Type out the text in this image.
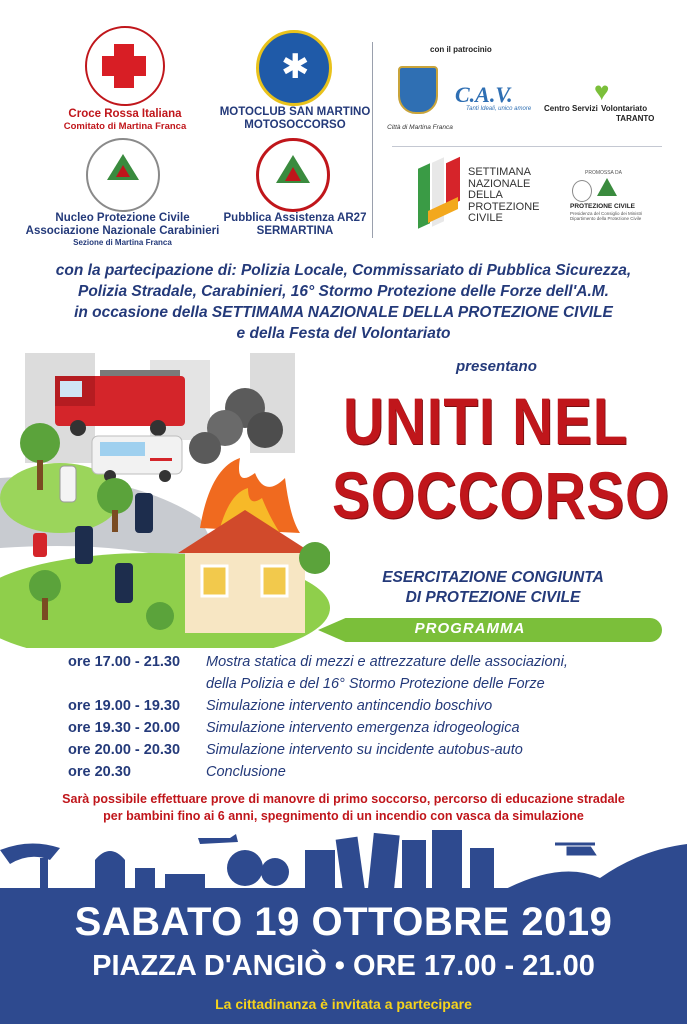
Croce Rossa Italiana
Comitato di Martina Franca
✱
MOTOCLUB SAN MARTINO
MOTOSOCCORSO
Nucleo Protezione Civile
Associazione Nazionale Carabinieri
Sezione di Martina Franca
Pubblica Assistenza AR27
SERMARTINA
con il patrocinio
Città di Martina Franca
C.A.V.
Tanti Ideali, unico amore
♥
Centro Servizi Volontariato
TARANTO
SETTIMANA
NAZIONALE
DELLA
PROTEZIONE
CIVILE
PROMOSSA DA
PROTEZIONE CIVILE
Presidenza del Consiglio dei Ministri
Dipartimento della Protezione Civile
con la partecipazione di: Polizia Locale, Commissariato di Pubblica Sicurezza,
Polizia Stradale, Carabinieri, 16° Stormo Protezione delle Forze dell'A.M.
in occasione della SETTIMAMA NAZIONALE DELLA PROTEZIONE CIVILE
e della Festa del Volontariato
presentano
UNITI NEL
SOCCORSO
ESERCITAZIONE CONGIUNTA
DI PROTEZIONE CIVILE
PROGRAMMA
ore 17.00 - 21.30 Mostra statica di mezzi e attrezzature delle associazioni,
della Polizia e del 16° Stormo Protezione delle Forze
ore 19.00 - 19.30 Simulazione intervento antincendio boschivo
ore 19.30 - 20.00 Simulazione intervento emergenza idrogeologica
ore 20.00 - 20.30 Simulazione intervento su incidente autobus-auto
ore 20.30	Conclusione
Sarà possibile effettuare prove di manovre di primo soccorso, percorso di educazione stradale
per bambini fino ai 6 anni, spegnimento di un incendio con vasca da simulazione
SABATO 19 OTTOBRE 2019
PIAZZA D'ANGIÒ • ORE 17.00 - 21.00
La cittadinanza è invitata a partecipare
